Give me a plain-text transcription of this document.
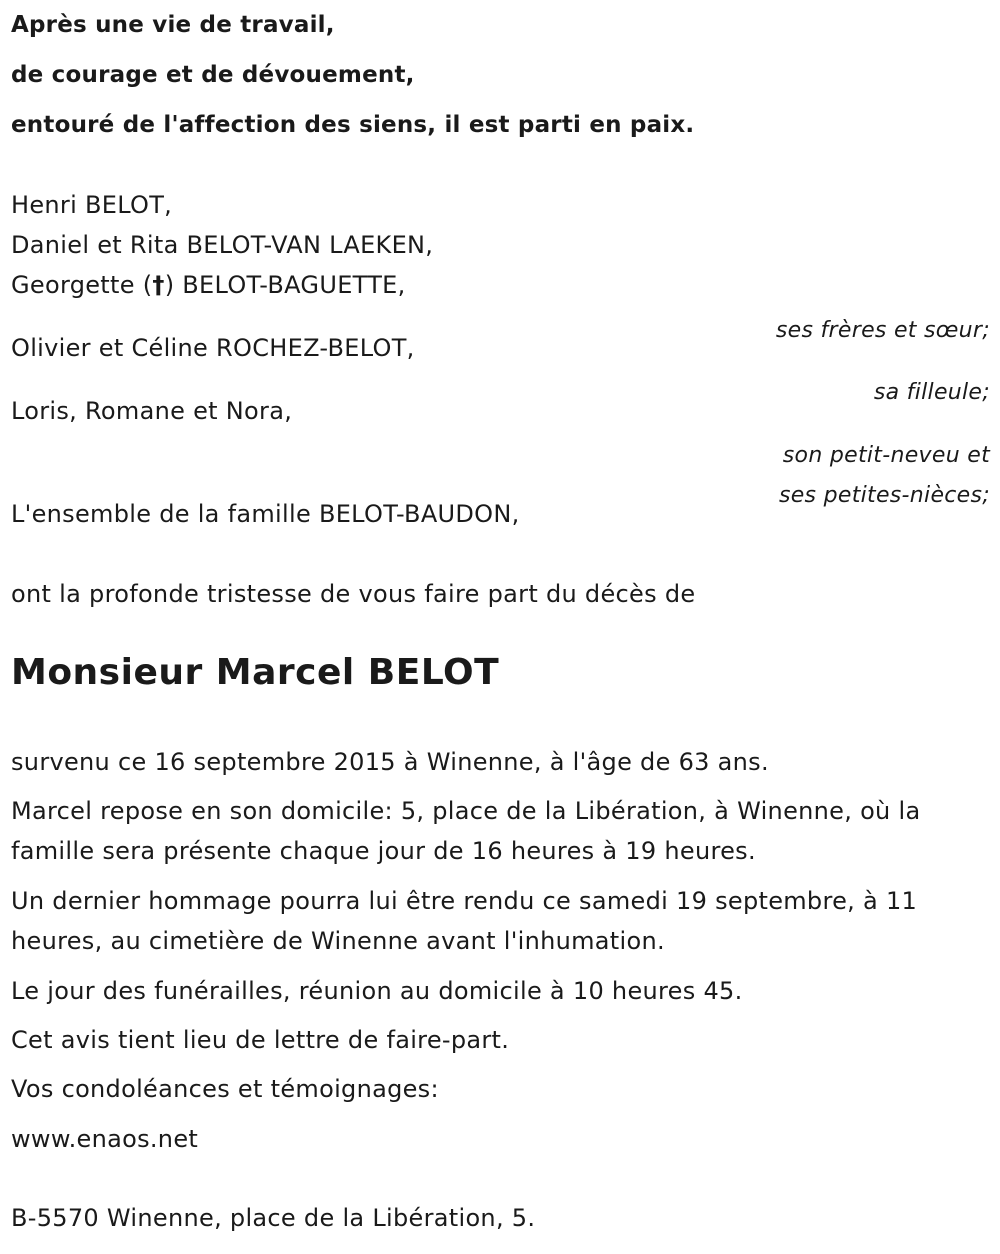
Après une vie de travail,

de courage et de dévouement,

entouré de l'affection des siens, il est parti en paix.

Henri BELOT,

Daniel et Rita BELOT-VAN LAEKEN,

Georgette (†) BELOT-BAGUETTE,

ses frères et sœur;

Olivier et Céline ROCHEZ-BELOT,

sa filleule;

Loris, Romane et Nora,

son petit-neveu et

ses petites-nièces;

L'ensemble de la famille BELOT-BAUDON,

ont la profonde tristesse de vous faire part du décès de

Monsieur Marcel BELOT

survenu ce 16 septembre 2015 à Winenne, à l'âge de 63 ans.

Marcel repose en son domicile: 5, place de la Libération, à Winenne, où la famille sera présente chaque jour de 16 heures à 19 heures.

Un dernier hommage pourra lui être rendu ce samedi 19 septembre, à 11 heures, au cimetière de Winenne avant l'inhumation.

Le jour des funérailles, réunion au domicile à 10 heures 45.

Cet avis tient lieu de lettre de faire-part.

Vos condoléances et témoignages:

www.enaos.net

B-5570 Winenne, place de la Libération, 5.
